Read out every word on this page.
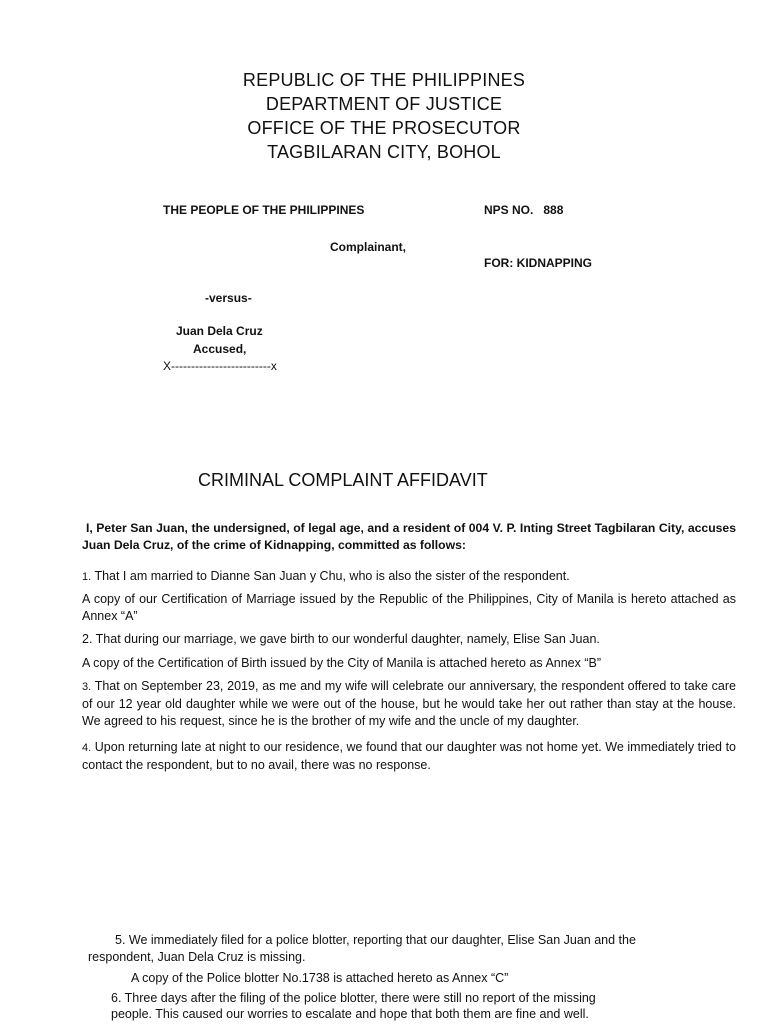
REPUBLIC OF THE PHILIPPINES
DEPARTMENT OF JUSTICE
OFFICE OF THE PROSECUTOR
TAGBILARAN CITY, BOHOL
THE PEOPLE OF THE PHILIPPINES	NPS NO.   888
Complainant,
FOR: KIDNAPPING
-versus-
Juan Dela Cruz
Accused,
X-------------------------x
CRIMINAL COMPLAINT AFFIDAVIT
I, Peter San Juan, the undersigned, of legal age, and a resident of 004 V. P. Inting Street Tagbilaran City, accuses Juan Dela Cruz, of the crime of Kidnapping, committed as follows:
1. That I am married to Dianne San Juan y Chu, who is also the sister of the respondent.
A copy of our Certification of Marriage issued by the Republic of the Philippines, City of Manila is hereto attached as Annex “A”
2. That during our marriage, we gave birth to our wonderful daughter, namely, Elise San Juan.
A copy of the Certification of Birth issued by the City of Manila is attached hereto as Annex “B”
3. That on September 23, 2019, as me and my wife will celebrate our anniversary, the respondent offered to take care of our 12 year old daughter while we were out of the house, but he would take her out rather than stay at the house. We agreed to his request, since he is the brother of my wife and the uncle of my daughter.
4. Upon returning late at night to our residence, we found that our daughter was not home yet. We immediately tried to contact the respondent, but to no avail, there was no response.
5. We immediately filed for a police blotter, reporting that our daughter, Elise San Juan and the
respondent, Juan Dela Cruz is missing.
A copy of the Police blotter No.1738 is attached hereto as Annex “C”
6. Three days after the filing of the police blotter, there were still no report of the missing
people. This caused our worries to escalate and hope that both them are fine and well.
